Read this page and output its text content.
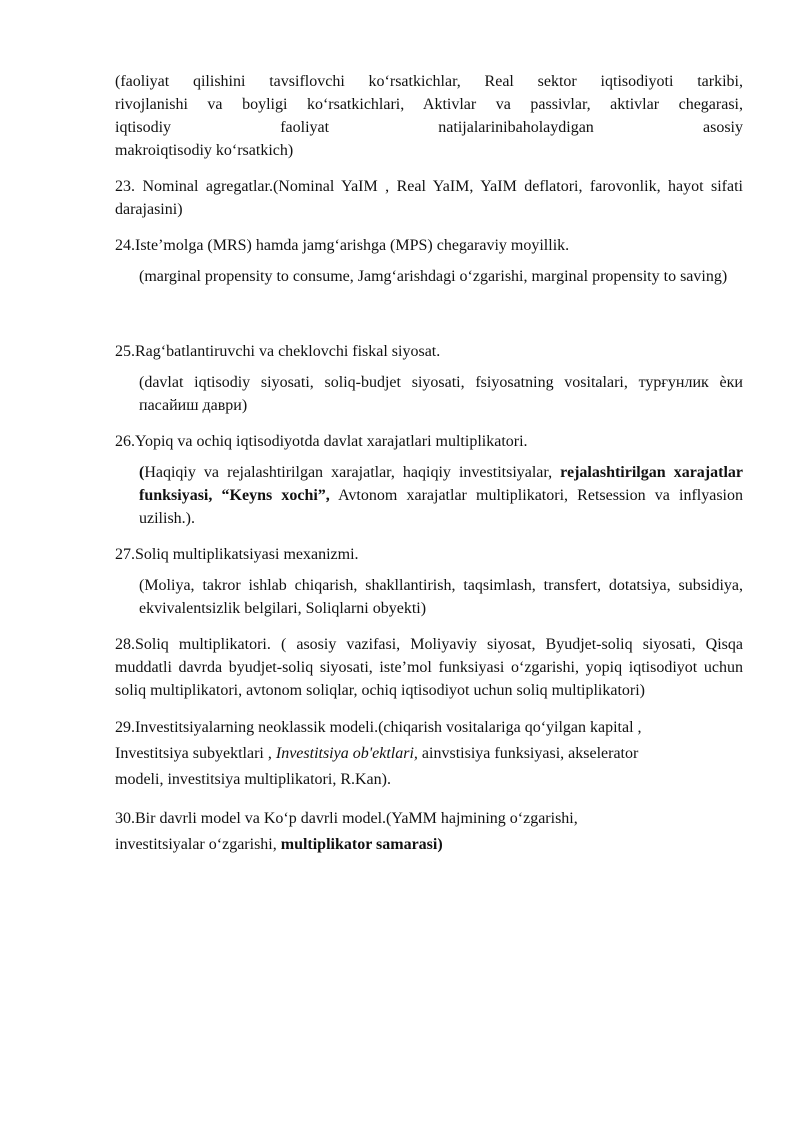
(faoliyat qilishini tavsiflovchi koʻrsatkichlar, Real sektor iqtisodiyoti tarkibi,
rivojlanishi va boyligi koʻrsatkichlari, Aktivlar va passivlar, aktivlar chegarasi,
iqtisodiy faoliyat natijalarinibaholaydigan asosiy
makroiqtisodiy koʻrsatkich)

23. Nominal agregatlar.(Nominal YaIM , Real YaIM, YaIM deflatori, farovonlik, hayot sifati darajasini)

24.Isteʼmolga (MRS) hamda jamgʻarishga (MPS) chegaraviy moyillik.

(marginal propensity to consume, Jamgʻarishdagi oʻzgarishi, marginal propensity to saving)

25.Ragʻbatlantiruvchi va cheklovchi fiskal siyosat.

(davlat iqtisodiy siyosati, soliq-budjet siyosati, fsiyosatning vositalari, турғунлик ѐки пасайиш даври)

26.Yopiq va ochiq iqtisodiyotda davlat xarajatlari multiplikatori.

(Haqiqiy va rejalashtirilgan xarajatlar, haqiqiy investitsiyalar, rejalashtirilgan xarajatlar funksiyasi, “Keyns xochi”, Avtonom xarajatlar multiplikatori, Retsession va inflyasion uzilish.).

27.Soliq multiplikatsiyasi mexanizmi.

(Moliya, takror ishlab chiqarish, shakllantirish, taqsimlash, transfert, dotatsiya, subsidiya, ekvivalentsizlik belgilari, Soliqlarni obyekti)

28.Soliq multiplikatori. ( asosiy vazifasi, Moliyaviy siyosat, Byudjet-soliq siyosati, Qisqa muddatli davrda byudjet-soliq siyosati, isteʼmol funksiyasi oʻzgarishi, yopiq iqtisodiyot uchun soliq multiplikatori, avtonom soliqlar, ochiq iqtisodiyot uchun soliq multiplikatori)

29.Investitsiyalarning neoklassik modeli.(chiqarish vositalariga qoʻyilgan kapital ,
Investitsiya subyektlari , Investitsiya ob'ektlari, ainvstisiya funksiyasi, akselerator
modeli, investitsiya multiplikatori, R.Kan).
30.Bir davrli model va Koʻp davrli model.(YaMM hajmining oʻzgarishi,
investitsiyalar oʻzgarishi, multiplikator samarasi)
